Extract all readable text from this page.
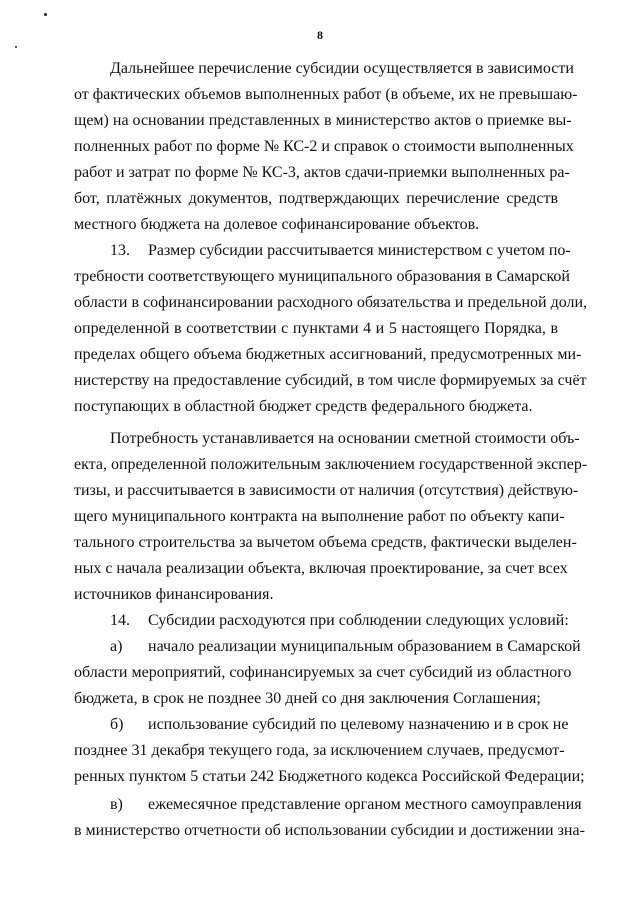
8
Дальнейшее перечисление субсидии осуществляется в зависимости
от фактических объемов выполненных работ (в объеме, их не превышаю-
щем) на основании представленных в министерство актов о приемке вы-
полненных работ по форме № КС-2 и справок о стоимости выполненных
работ и затрат по форме № КС-3, актов сдачи-приемки выполненных ра-
бот, платёжных документов, подтверждающих перечисление средств
местного бюджета на долевое софинансирование объектов.
13. Размер субсидии рассчитывается министерством с учетом по-
требности соответствующего муниципального образования в Самарской
области в софинансировании расходного обязательства и предельной доли,
определенной в соответствии с пунктами 4 и 5 настоящего Порядка, в
пределах общего объема бюджетных ассигнований, предусмотренных ми-
нистерству на предоставление субсидий, в том числе формируемых за счёт
поступающих в областной бюджет средств федерального бюджета.
Потребность устанавливается на основании сметной стоимости объ-
екта, определенной положительным заключением государственной экспер-
тизы, и рассчитывается в зависимости от наличия (отсутствия) действую-
щего муниципального контракта на выполнение работ по объекту капи-
тального строительства за вычетом объема средств, фактически выделен-
ных с начала реализации объекта, включая проектирование, за счет всех
источников финансирования.
14. Субсидии расходуются при соблюдении следующих условий:
а) начало реализации муниципальным образованием в Самарской
области мероприятий, софинансируемых за счет субсидий из областного
бюджета, в срок не позднее 30 дней со дня заключения Соглашения;
б) использование субсидий по целевому назначению и в срок не
позднее 31 декабря текущего года, за исключением случаев, предусмот-
ренных пунктом 5 статьи 242 Бюджетного кодекса Российской Федерации;
в) ежемесячное представление органом местного самоуправления
в министерство отчетности об использовании субсидии и достижении зна-
